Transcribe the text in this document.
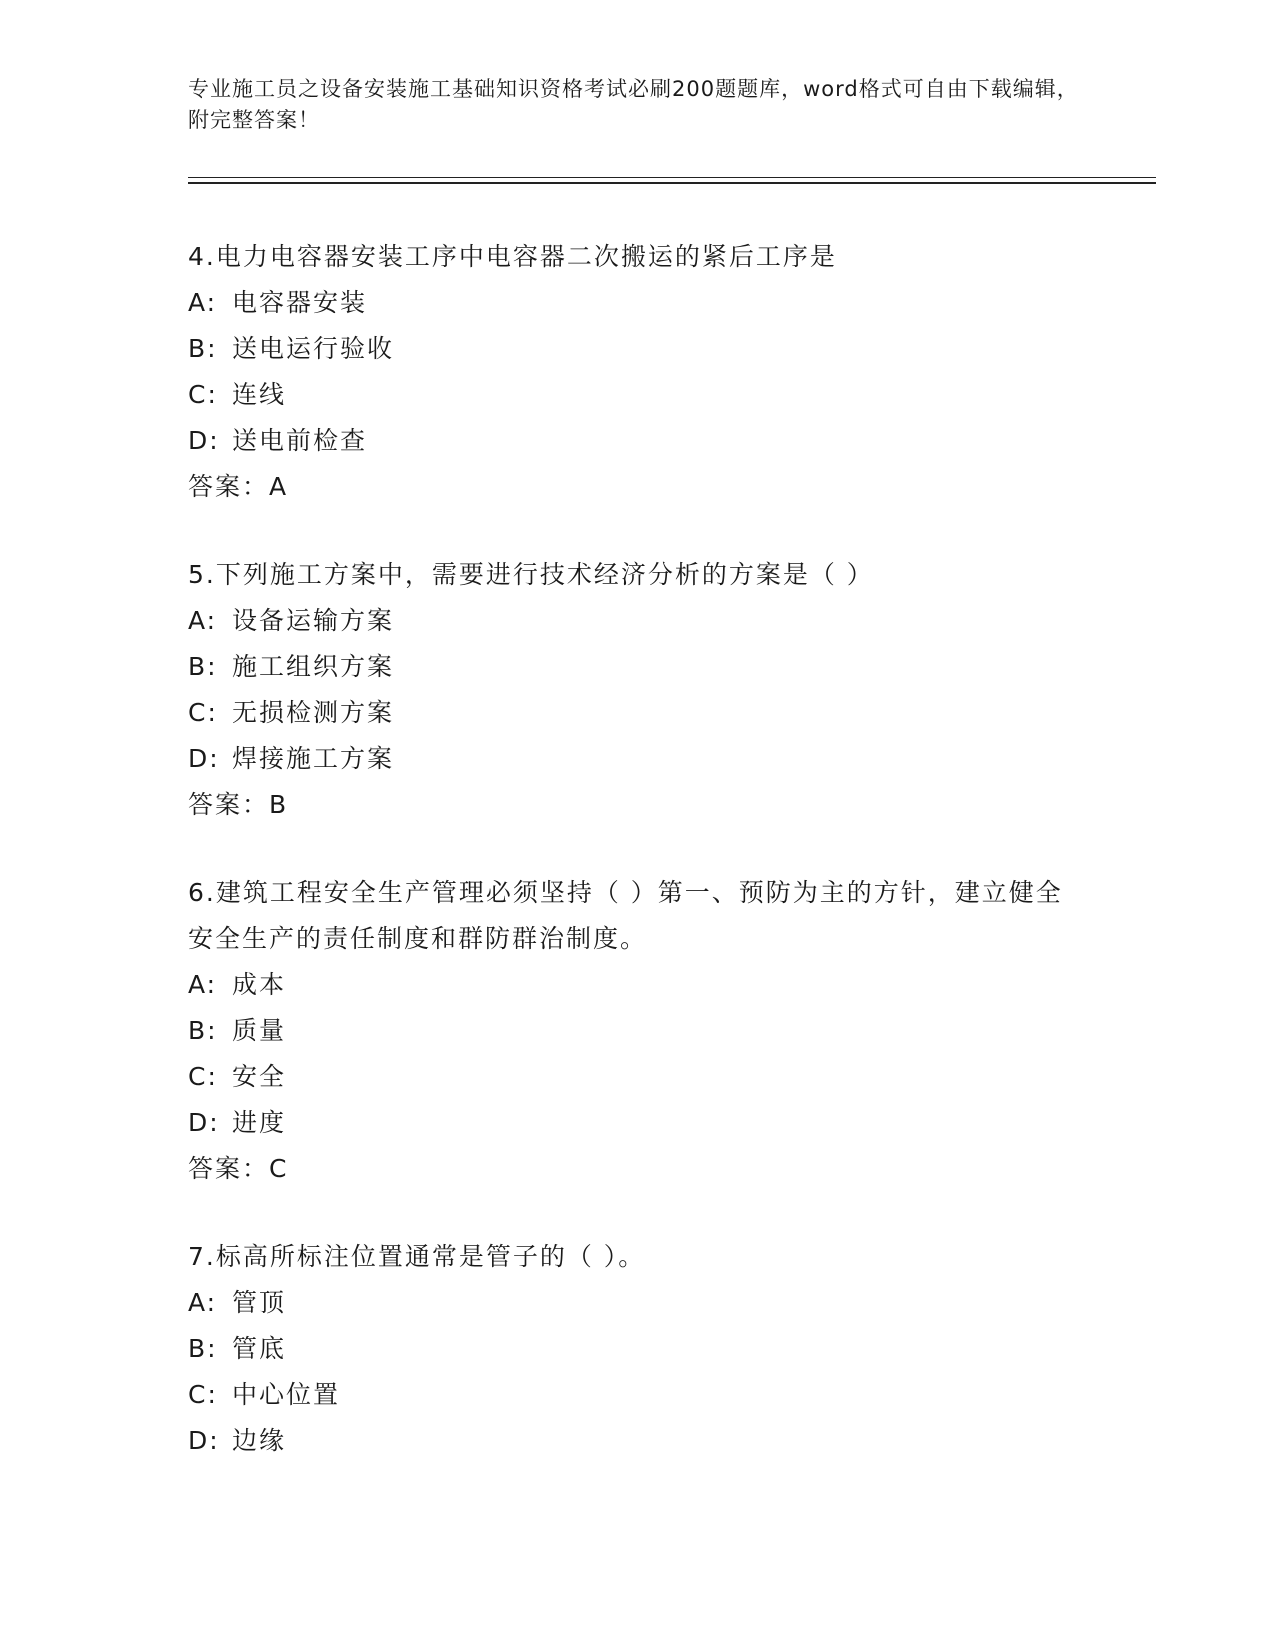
专业施工员之设备安装施工基础知识资格考试必刷200题题库，word格式可自由下载编辑，附完整答案！

4.电力电容器安装工序中电容器二次搬运的紧后工序是

A: 电容器安装

B: 送电运行验收

C: 连线

D: 送电前检查

答案：A

5.下列施工方案中，需要进行技术经济分析的方案是（ ）

A: 设备运输方案

B: 施工组织方案

C: 无损检测方案

D: 焊接施工方案

答案：B

6.建筑工程安全生产管理必须坚持（ ）第一、预防为主的方针，建立健全安全生产的责任制度和群防群治制度。

A: 成本

B: 质量

C: 安全

D: 进度

答案：C

7.标高所标注位置通常是管子的（ ）。

A: 管顶

B: 管底

C: 中心位置

D: 边缘
